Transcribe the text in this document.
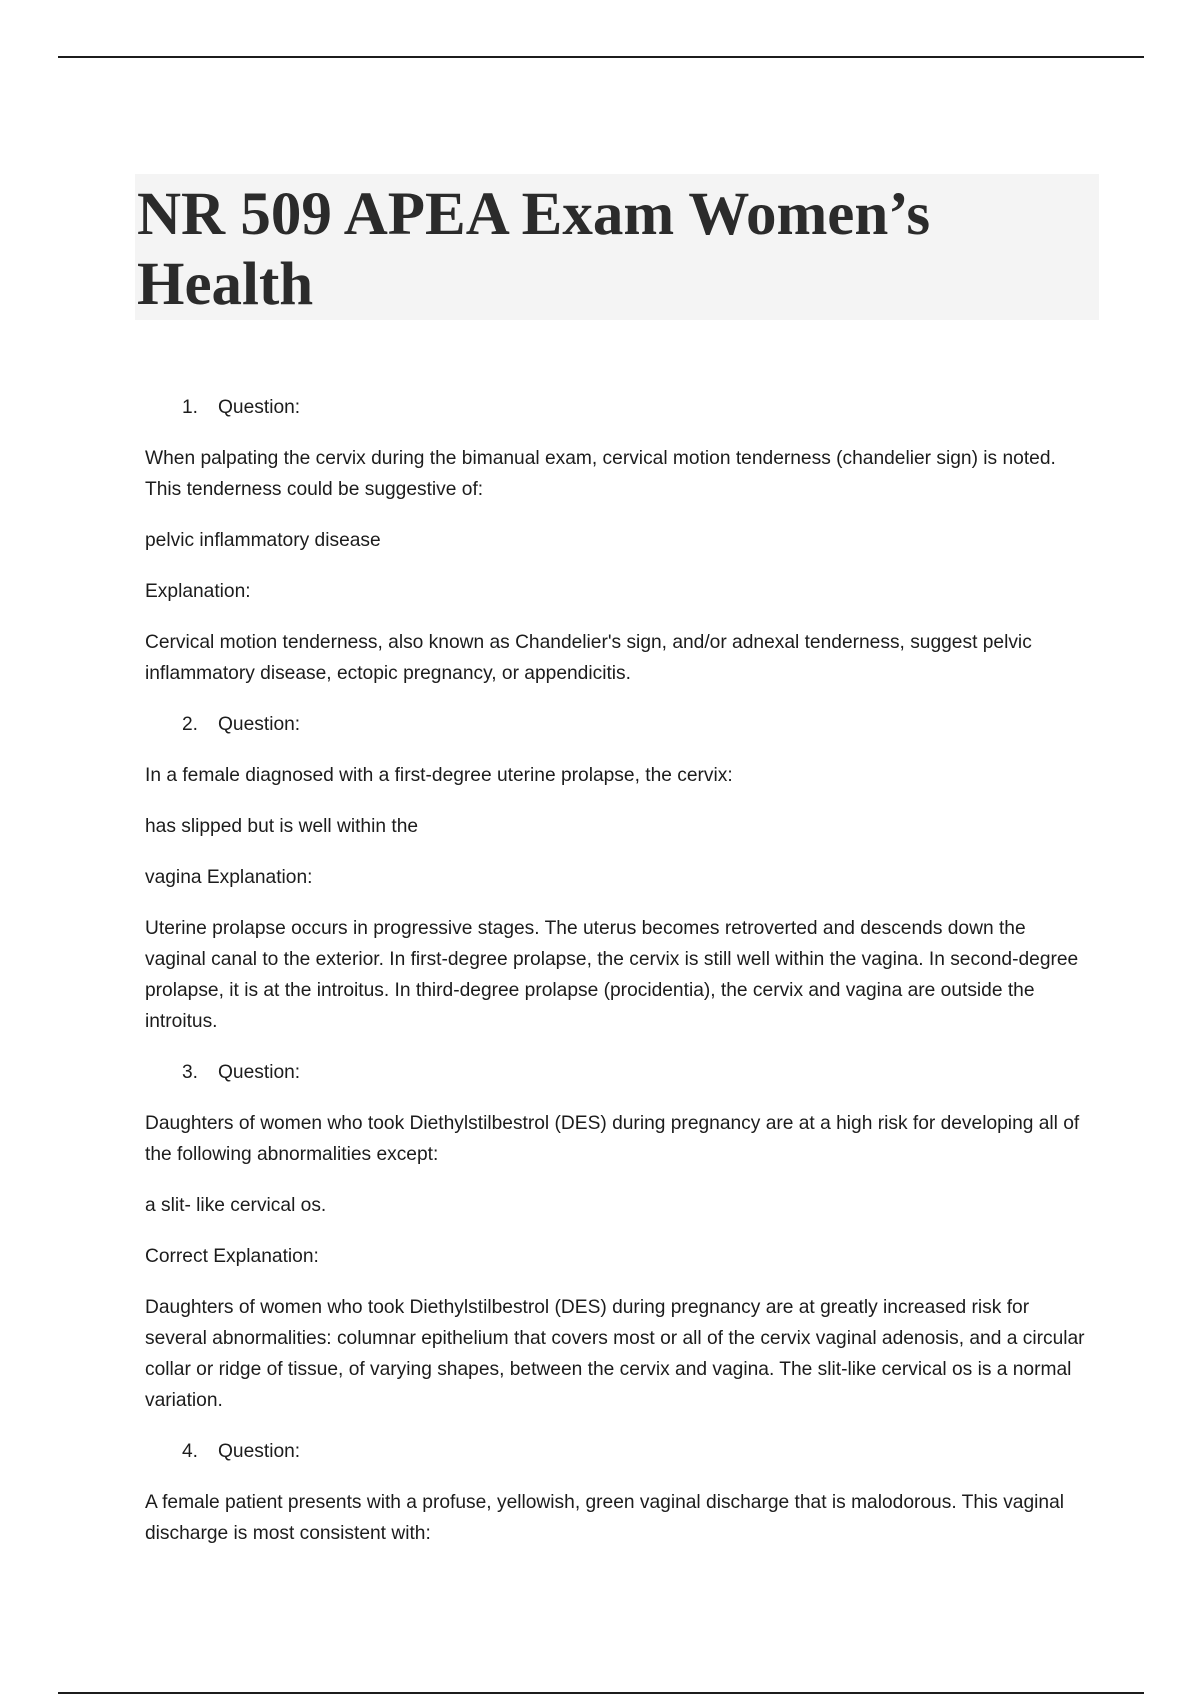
NR 509 APEA Exam Women’s Health
1. Question:

When palpating the cervix during the bimanual exam, cervical motion tenderness (chandelier sign) is noted. This tenderness could be suggestive of:

pelvic inflammatory disease

Explanation:

Cervical motion tenderness, also known as Chandelier's sign, and/or adnexal tenderness, suggest pelvic inflammatory disease, ectopic pregnancy, or appendicitis.

2. Question:

In a female diagnosed with a first-degree uterine prolapse, the cervix:

has slipped but is well within the

vagina Explanation:

Uterine prolapse occurs in progressive stages. The uterus becomes retroverted and descends down the vaginal canal to the exterior. In first-degree prolapse, the cervix is still well within the vagina. In second-degree prolapse, it is at the introitus. In third-degree prolapse (procidentia), the cervix and vagina are outside the introitus.

3. Question:

Daughters of women who took Diethylstilbestrol (DES) during pregnancy are at a high risk for developing all of the following abnormalities except:

a slit- like cervical os.

Correct Explanation:

Daughters of women who took Diethylstilbestrol (DES) during pregnancy are at greatly increased risk for several abnormalities: columnar epithelium that covers most or all of the cervix vaginal adenosis, and a circular collar or ridge of tissue, of varying shapes, between the cervix and vagina. The slit-like cervical os is a normal variation.

4. Question:

A female patient presents with a profuse, yellowish, green vaginal discharge that is malodorous. This vaginal discharge is most consistent with:
